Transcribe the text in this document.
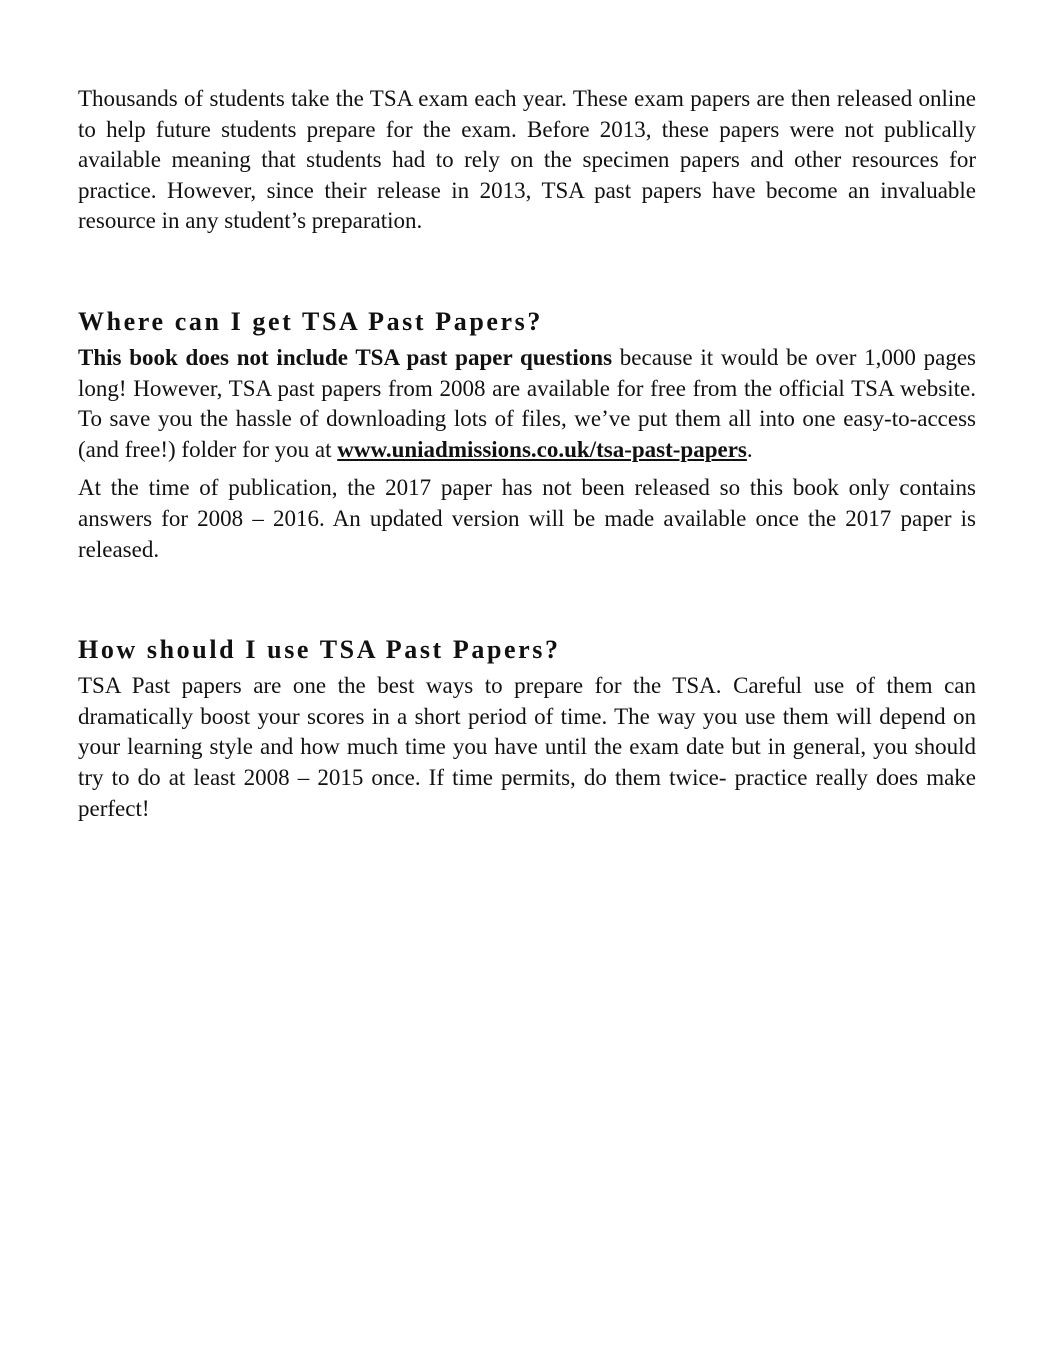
Thousands of students take the TSA exam each year. These exam papers are then released online to help future students prepare for the exam. Before 2013, these papers were not publically available meaning that students had to rely on the specimen papers and other resources for practice. However, since their release in 2013, TSA past papers have become an invaluable resource in any student’s preparation.

Where can I get TSA Past Papers?

This book does not include TSA past paper questions because it would be over 1,000 pages long! However, TSA past papers from 2008 are available for free from the official TSA website. To save you the hassle of downloading lots of files, we’ve put them all into one easy-to-access (and free!) folder for you at www.uniadmissions.co.uk/tsa-past-papers.

At the time of publication, the 2017 paper has not been released so this book only contains answers for 2008 – 2016. An updated version will be made available once the 2017 paper is released.

How should I use TSA Past Papers?

TSA Past papers are one the best ways to prepare for the TSA. Careful use of them can dramatically boost your scores in a short period of time. The way you use them will depend on your learning style and how much time you have until the exam date but in general, you should try to do at least 2008 – 2015 once. If time permits, do them twice- practice really does make perfect!
